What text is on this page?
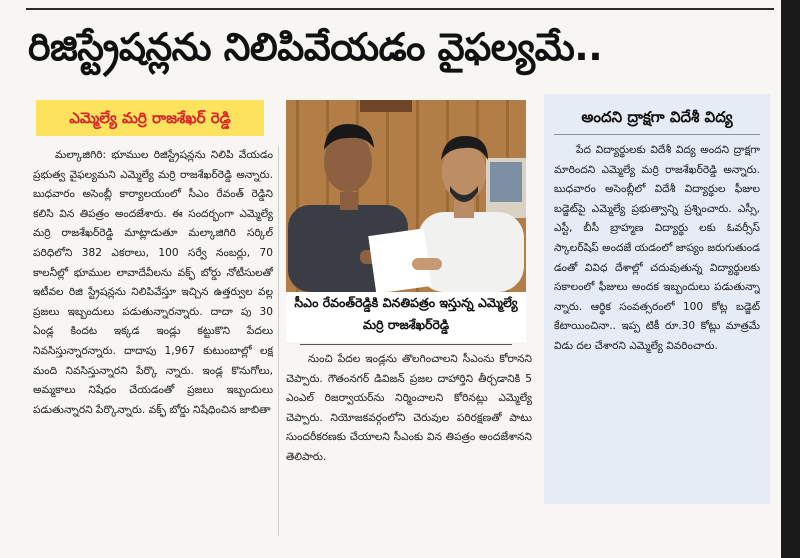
రిజిస్ట్రేషన్లను నిలిపివేయడం వైఫల్యమే..
ఎమ్మెల్యే మర్రి రాజశేఖర్ రెడ్డి

మల్కాజిగిరి: భూముల రిజిస్ట్రేషన్లను నిలిపి వేయడం ప్రభుత్వ వైఫల్యమని ఎమ్మెల్యే మర్రి రాజశేఖర్‌రెడ్డి అన్నారు. బుధవారం అసెంబ్లీ కార్యాలయంలో సీఎం రేవంత్ రెడ్డిని కలిసి విన తిపత్రం అందజేశారు. ఈ సందర్భంగా ఎమ్మెల్యే మర్రి రాజశేఖర్‌రెడ్డి మాట్లాడుతూ మల్కాజిగిరి సర్కిల్ పరిధిలోని 382 ఎకరాలు, 100 సర్వే నంబర్లు, 70 కాలనీల్లో భూముల లావాదేవీలను వక్ఫ్ బోర్డు నోటీసులతో ఇటీవల రిజి స్ట్రేషన్లను నిలిపివేస్తూ ఇచ్చిన ఉత్తర్వుల వల్ల ప్రజలు ఇబ్బందులు పడుతున్నారన్నారు. దాదా పు 30 ఏండ్ల కిందట ఇక్కడ ఇండ్లు కట్టుకొని పేదలు నివసిస్తున్నారన్నారు. దాదాపు 1,967 కుటుంబాల్లో లక్ష మంది నివసిస్తున్నారని పేర్కొ న్నారు. ఇండ్ల కొనుగోలు, అమ్మకాలు నిషేధం చేయడంతో ప్రజలు ఇబ్బందులు పడుతున్నారని పేర్కొన్నారు. వక్ఫ్ బోర్డు నిషేధించిన జాబితా

సీఎం రేవంత్‌రెడ్డికి వినతిపత్రం ఇస్తున్న ఎమ్మెల్యే మర్రి రాజశేఖర్‌రెడ్డి

నుంచి పేదల ఇండ్లను తొలగించాలని సీఎంను కోరానని చెప్పారు. గౌతంనగర్ డివిజన్ ప్రజల దాహార్తిని తీర్చడానికి 5 ఎంఎల్ రిజర్వాయర్‌ను నిర్మించాలని కోరినట్లు ఎమ్మెల్యే చెప్పారు. నియోజకవర్గంలోని చెరువుల పరిరక్షణతో పాటు సుందరీకరణకు చేయాలని సీఎంకు విన తిపత్రం అందజేశానని తెలిపారు.

అందని ద్రాక్షగా విదేశీ విద్య

పేద విద్యార్థులకు విదేశీ విద్య అందని ద్రాక్షగా మారిందని ఎమ్మెల్యే మర్రి రాజశేఖర్‌రెడ్డి అన్నారు. బుధవారం అసెంబ్లీలో విదేశీ విద్యార్థుల ఫీజుల బడ్జెట్‌పై ఎమ్మెల్యే ప్రభుత్వాన్ని ప్రశ్నించారు. ఎస్సీ, ఎస్టీ, బీసీ బ్రాహ్మణ విద్యార్థు లకు ఓవర్సీస్ స్కాలర్‌షిప్ అందజే యడంలో జాప్యం జరుగుతుండ డంతో వివిధ దేశాల్లో చదువుతున్న విద్యార్థులకు సకాలంలో ఫీజులు అందక ఇబ్బందులు పడుతున్నా న్నారు. ఆర్థిక సంవత్సరంలో 100 కోట్ల బడ్జెట్ కేటాయించినా.. ఇప్ప టికీ రూ.30 కోట్లు మాత్రమే విడు దల చేశారని ఎమ్మెల్యే వివరించారు.
